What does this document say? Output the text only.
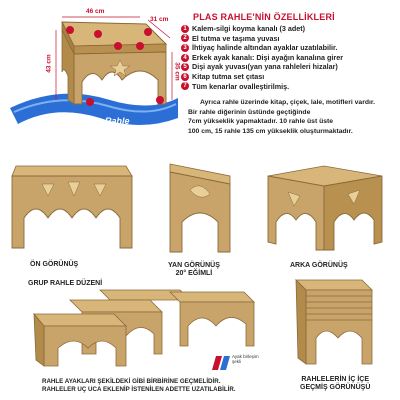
46 cm
31 cm
43 cm	35 cm
Plas Rahle
PLAS RAHLE'NİN ÖZELLİKLERİ
1 Kalem-silgi koyma kanalı (3 adet)
2 El tutma ve taşıma yuvası
3 İhtiyaç halinde altından ayaklar uzatılabilir.
4 Erkek ayak kanalı: Dişi ayağın kanalına girer
5 Dişi ayak yuvası(yan yana rahleleri hizalar)
6 Kitap tutma set çıtası
7 Tüm kenarlar ovalleştirilmiş.
Ayrıca rahle üzerinde kitap, çiçek, lale, motifleri vardır.
Bir rahle diğerinin üstünde geçtiğinde
7cm yükseklik yapmaktadır. 10 rahle üst üste
100 cm, 15 rahle 135 cm yükseklik oluşturmaktadır.
ÖN GÖRÜNÜŞ	YAN GÖRÜNÜŞ
20° EĞİMLİ
ARKA GÖRÜNÜŞ
GRUP RAHLE DÜZENİ
Ayak birleşim
şekli
RAHLE AYAKLARI ŞEKİLDEKİ GİBİ BİRBİRİNE GEÇMELİDİR.
RAHLELER UÇ UCA EKLENİP İSTENİLEN ADETTE UZATILABİLİR.
RAHLELERİN İÇ İÇE
GEÇMİŞ GÖRÜNÜŞÜ
